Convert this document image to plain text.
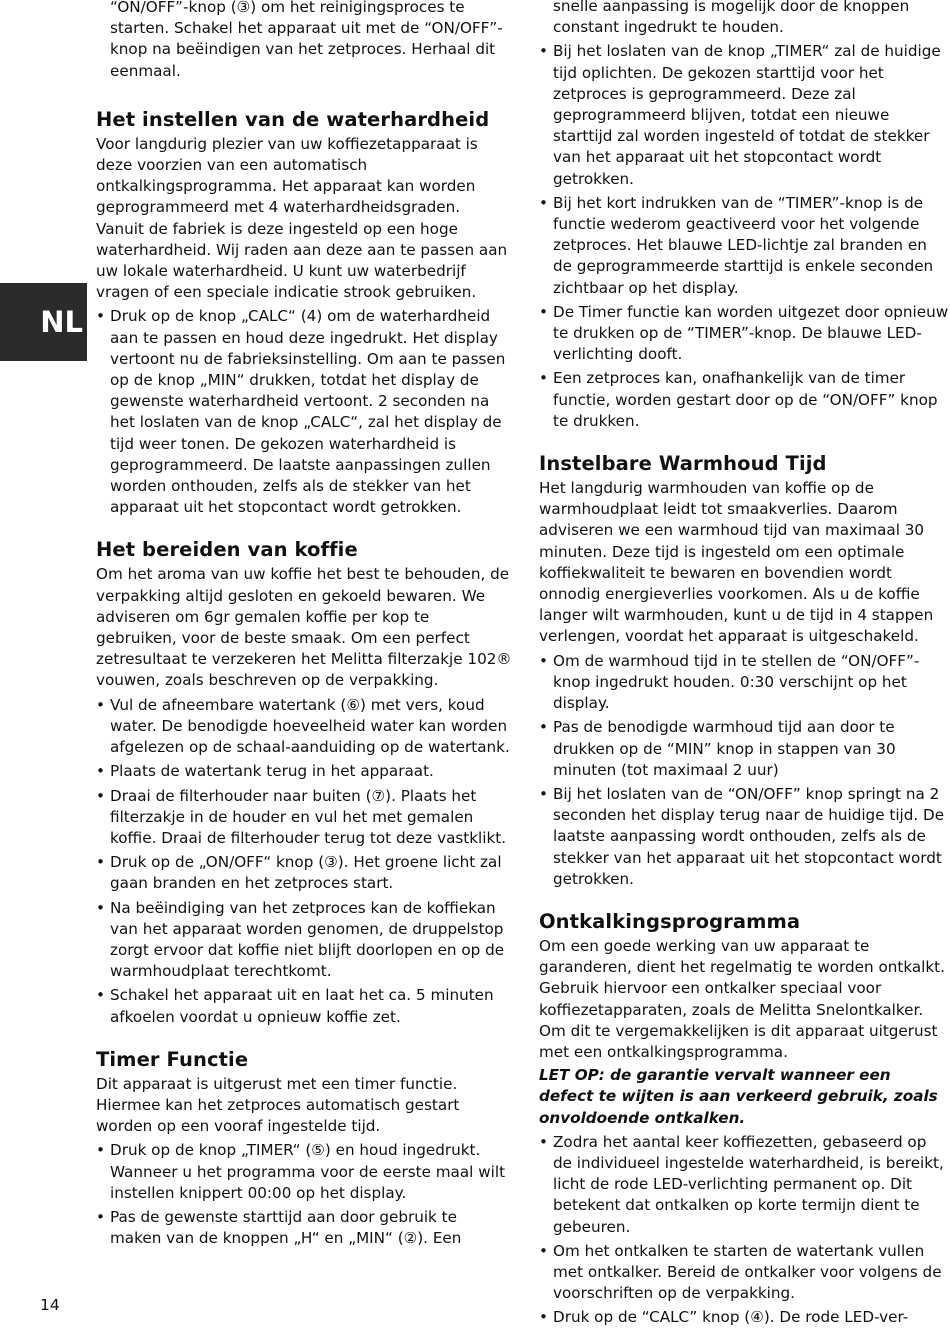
NL

“ON/OFF”-knop (③) om het reinigingsproces te starten. Schakel het apparaat uit met de “ON/OFF”-knop na beëindigen van het zetproces. Herhaal dit eenmaal.

Het instellen van de waterhardheid

Voor langdurig plezier van uw koffiezetapparaat is deze voorzien van een automatisch ontkalkingsprogramma. Het apparaat kan worden geprogrammeerd met 4 waterhardheidsgraden. Vanuit de fabriek is deze ingesteld op een hoge waterhardheid. Wij raden aan deze aan te passen aan uw lokale waterhardheid. U kunt uw waterbedrijf vragen of een speciale indicatie strook gebruiken.

• Druk op de knop „CALC“ (4) om de waterhardheid aan te passen en houd deze ingedrukt. Het display vertoont nu de fabrieksinstelling. Om aan te passen op de knop „MIN“ drukken, totdat het display de gewenste waterhardheid vertoont. 2 seconden na het loslaten van de knop „CALC“, zal het display de tijd weer tonen. De gekozen waterhardheid is geprogrammeerd. De laatste aanpassingen zullen worden onthouden, zelfs als de stekker van het apparaat uit het stopcontact wordt getrokken.
Het bereiden van koffie

Om het aroma van uw koffie het best te behouden, de verpakking altijd gesloten en gekoeld bewaren. We adviseren om 6gr gemalen koffie per kop te gebruiken, voor de beste smaak. Om een perfect zetresultaat te verzekeren het Melitta filterzakje 102® vouwen, zoals beschreven op de verpakking.

• Vul de afneembare watertank (⑥) met vers, koud water. De benodigde hoeveelheid water kan worden afgelezen op de schaal-aanduiding op de watertank.
• Plaats de watertank terug in het apparaat.
• Draai de filterhouder naar buiten (⑦). Plaats het filterzakje in de houder en vul het met gemalen koffie. Draai de filterhouder terug tot deze vastklikt.
• Druk op de „ON/OFF“ knop (③). Het groene licht zal gaan branden en het zetproces start.
• Na beëindiging van het zetproces kan de koffiekan van het apparaat worden genomen, de druppelstop zorgt ervoor dat koffie niet blijft doorlopen en op de warmhoudplaat terechtkomt.
• Schakel het apparaat uit en laat het ca. 5 minuten afkoelen voordat u opnieuw koffie zet.
Timer Functie

Dit apparaat is uitgerust met een timer functie. Hiermee kan het zetproces automatisch gestart worden op een vooraf ingestelde tijd.

• Druk op de knop „TIMER“ (⑤) en houd ingedrukt. Wanneer u het programma voor de eerste maal wilt instellen knippert 00:00 op het display.
• Pas de gewenste starttijd aan door gebruik te maken van de knoppen „H“ en „MIN“ (②). Een

snelle aanpassing is mogelijk door de knoppen constant ingedrukt te houden.

• Bij het loslaten van de knop „TIMER“ zal de huidige tijd oplichten. De gekozen starttijd voor het zetproces is geprogrammeerd. Deze zal geprogrammeerd blijven, totdat een nieuwe starttijd zal worden ingesteld of totdat de stekker van het apparaat uit het stopcontact wordt getrokken.
• Bij het kort indrukken van de “TIMER”-knop is de functie wederom geactiveerd voor het volgende zetproces. Het blauwe LED-lichtje zal branden en de geprogrammeerde starttijd is enkele seconden zichtbaar op het display.
• De Timer functie kan worden uitgezet door opnieuw te drukken op de “TIMER”-knop. De blauwe LED-verlichting dooft.
• Een zetproces kan, onafhankelijk van de timer functie, worden gestart door op de “ON/OFF” knop te drukken.
Instelbare Warmhoud Tijd

Het langdurig warmhouden van koffie op de warmhoudplaat leidt tot smaakverlies. Daarom adviseren we een warmhoud tijd van maximaal 30 minuten. Deze tijd is ingesteld om een optimale koffiekwaliteit te bewaren en bovendien wordt onnodig energieverlies voorkomen. Als u de koffie langer wilt warmhouden, kunt u de tijd in 4 stappen verlengen, voordat het apparaat is uitgeschakeld.

• Om de warmhoud tijd in te stellen de “ON/OFF”-knop ingedrukt houden. 0:30 verschijnt op het display.
• Pas de benodigde warmhoud tijd aan door te drukken op de “MIN” knop in stappen van 30 minuten (tot maximaal 2 uur)
• Bij het loslaten van de “ON/OFF” knop springt na 2 seconden het display terug naar de huidige tijd. De laatste aanpassing wordt onthouden, zelfs als de stekker van het apparaat uit het stopcontact wordt getrokken.
Ontkalkingsprogramma

Om een goede werking van uw apparaat te garanderen, dient het regelmatig te worden ontkalkt. Gebruik hiervoor een ontkalker speciaal voor koffiezetapparaten, zoals de Melitta Snelontkalker. Om dit te vergemakkelijken is dit apparaat uitgerust met een ontkalkingsprogramma.

LET OP: de garantie vervalt wanneer een defect te wijten is aan verkeerd gebruik, zoals onvoldoende ontkalken.

• Zodra het aantal keer koffiezetten, gebaseerd op de individueel ingestelde waterhardheid, is bereikt, licht de rode LED-verlichting permanent op. Dit betekent dat ontkalken op korte termijn dient te gebeuren.
• Om het ontkalken te starten de watertank vullen met ontkalker. Bereid de ontkalker voor volgens de voorschriften op de verpakking.
• Druk op de “CALC” knop (④). De rode LED-ver-
14
